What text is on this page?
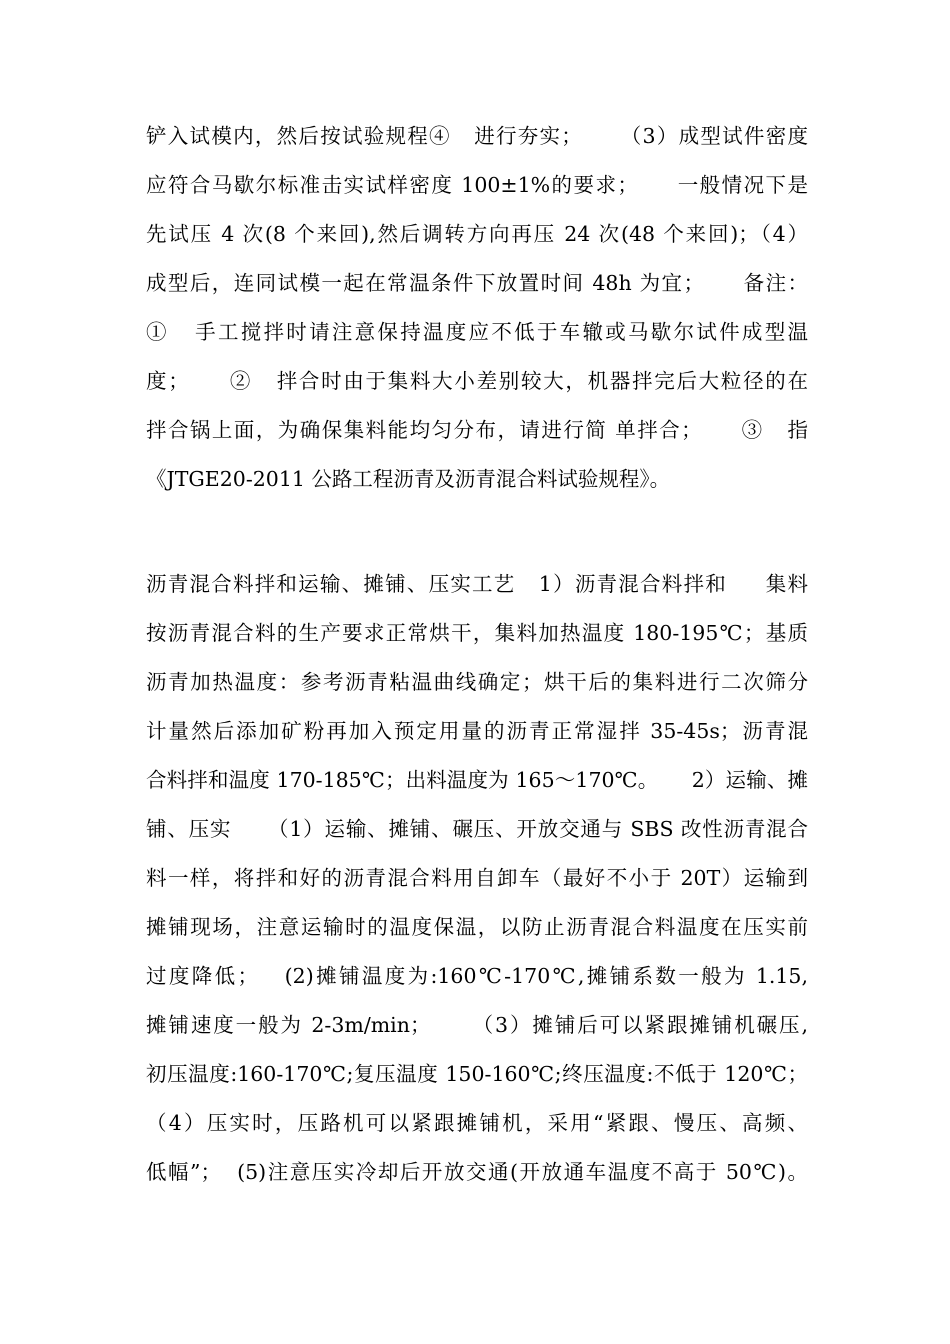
铲入试模内，然后按试验规程④   进行夯实；     （3）成型试件密度
应符合马歇尔标准击实试样密度 100±1%的要求；     一般情况下是
先试压 4 次(8 个来回),然后调转方向再压 24 次(48 个来回)；（4）
成型后，连同试模一起在常温条件下放置时间 48h 为宜；     备注：
①   手工搅拌时请注意保持温度应不低于车辙或马歇尔试件成型温
度；     ②   拌合时由于集料大小差别较大，机器拌完后大粒径的在
拌合锅上面，为确保集料能均匀分布，请进行简 单拌合；     ③   指
《JTGE20-2011 公路工程沥青及沥青混合料试验规程》。
沥青混合料拌和运输、摊铺、压实工艺   1）沥青混合料拌和     集料
按沥青混合料的生产要求正常烘干，集料加热温度 180-195℃；基质
沥青加热温度：参考沥青粘温曲线确定；烘干后的集料进行二次筛分
计量然后添加矿粉再加入预定用量的沥青正常湿拌 35-45s；沥青混
合料拌和温度 170-185℃；出料温度为 165～170℃。     2）运输、摊
铺、压实     （1）运输、摊铺、碾压、开放交通与 SBS 改性沥青混合
料一样，将拌和好的沥青混合料用自卸车（最好不小于 20T）运输到
摊铺现场，注意运输时的温度保温，以防止沥青混合料温度在压实前
过度降低；   (2)摊铺温度为:160℃-170℃,摊铺系数一般为 1.15,
摊铺速度一般为 2-3m/min；     （3）摊铺后可以紧跟摊铺机碾压,
初压温度:160-170℃;复压温度 150-160℃;终压温度:不低于 120℃；
（4）压实时，压路机可以紧跟摊铺机，采用“紧跟、慢压、高频、
低幅”；  (5)注意压实冷却后开放交通(开放通车温度不高于 50℃)。
